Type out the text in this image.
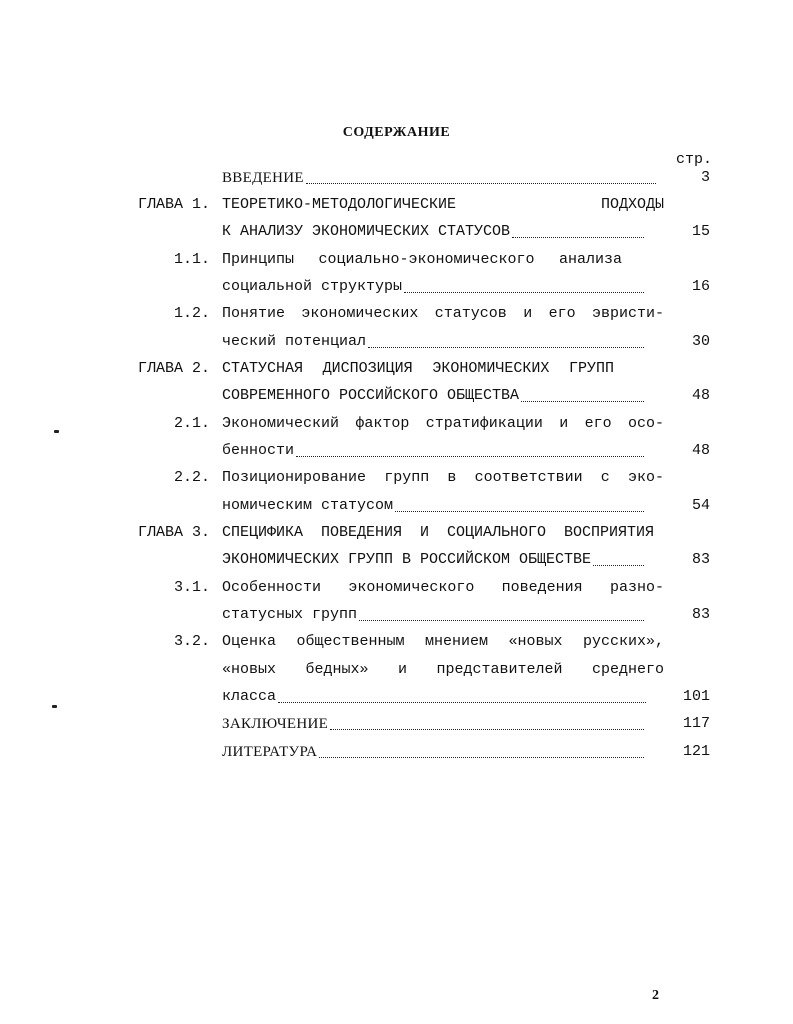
СОДЕРЖАНИЕ
стр.
ВВЕДЕНИЕ	3
ГЛАВА 1. ТЕОРЕТИКО-МЕТОДОЛОГИЧЕСКИЕ ПОДХОДЫ
К АНАЛИЗУ ЭКОНОМИЧЕСКИХ СТАТУСОВ	15
1.1. Принципы социально-экономического анализа
социальной структуры	16
1.2. Понятие экономических статусов и его эвристи-
ческий потенциал	30
ГЛАВА 2. СТАТУСНАЯ ДИСПОЗИЦИЯ ЭКОНОМИЧЕСКИХ ГРУПП
СОВРЕМЕННОГО РОССИЙСКОГО ОБЩЕСТВА	48
2.1. Экономический фактор стратификации и его осо-
бенности	48
2.2. Позиционирование групп в соответствии с эко-
номическим статусом	54
ГЛАВА 3. СПЕЦИФИКА ПОВЕДЕНИЯ И СОЦИАЛЬНОГО ВОСПРИЯТИЯ
ЭКОНОМИЧЕСКИХ ГРУПП В РОССИЙСКОМ ОБЩЕСТВЕ	83
3.1. Особенности экономического поведения разно-
статусных групп	83
3.2. Оценка общественным мнением «новых русских»,
«новых бедных» и представителей среднего
класса	101
ЗАКЛЮЧЕНИЕ	117
ЛИТЕРАТУРА	121
2
